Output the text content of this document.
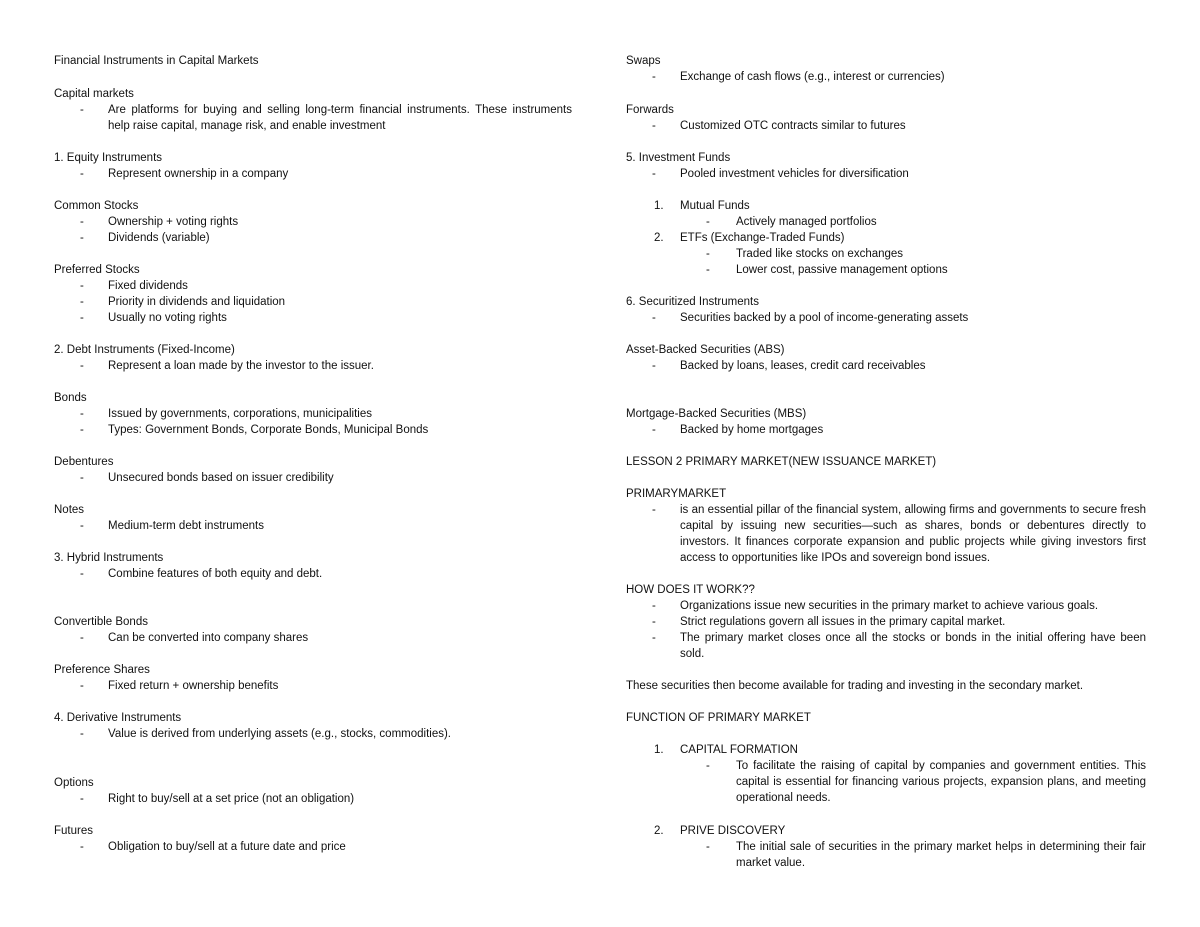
Financial Instruments in Capital Markets
Capital markets
- Are platforms for buying and selling long-term financial instruments. These instruments help raise capital, manage risk, and enable investment
1. Equity Instruments
- Represent ownership in a company
Common Stocks
- Ownership + voting rights
- Dividends (variable)
Preferred Stocks
- Fixed dividends
- Priority in dividends and liquidation
- Usually no voting rights
2. Debt Instruments (Fixed-Income)
- Represent a loan made by the investor to the issuer.
Bonds
- Issued by governments, corporations, municipalities
- Types: Government Bonds, Corporate Bonds, Municipal Bonds
Debentures
- Unsecured bonds based on issuer credibility
Notes
- Medium-term debt instruments
3. Hybrid Instruments
- Combine features of both equity and debt.
Convertible Bonds
- Can be converted into company shares
Preference Shares
- Fixed return + ownership benefits
4. Derivative Instruments
- Value is derived from underlying assets (e.g., stocks, commodities).
Options
- Right to buy/sell at a set price (not an obligation)
Futures
- Obligation to buy/sell at a future date and price
Swaps
- Exchange of cash flows (e.g., interest or currencies)
Forwards
- Customized OTC contracts similar to futures
5. Investment Funds
- Pooled investment vehicles for diversification
1. Mutual Funds
- Actively managed portfolios
2. ETFs (Exchange-Traded Funds)
- Traded like stocks on exchanges
- Lower cost, passive management options
6. Securitized Instruments
- Securities backed by a pool of income-generating assets
Asset-Backed Securities (ABS)
- Backed by loans, leases, credit card receivables
Mortgage-Backed Securities (MBS)
- Backed by home mortgages
LESSON 2 PRIMARY MARKET(NEW ISSUANCE MARKET)
PRIMARYMARKET
- is an essential pillar of the financial system, allowing firms and governments to secure fresh capital by issuing new securities—such as shares, bonds or debentures directly to investors. It finances corporate expansion and public projects while giving investors first access to opportunities like IPOs and sovereign bond issues.
HOW DOES IT WORK??
- Organizations issue new securities in the primary market to achieve various goals.
- Strict regulations govern all issues in the primary capital market.
- The primary market closes once all the stocks or bonds in the initial offering have been sold.
These securities then become available for trading and investing in the secondary market.
FUNCTION OF PRIMARY MARKET
1. CAPITAL FORMATION
- To facilitate the raising of capital by companies and government entities. This capital is essential for financing various projects, expansion plans, and meeting operational needs.
2. PRIVE DISCOVERY
- The initial sale of securities in the primary market helps in determining their fair market value.
